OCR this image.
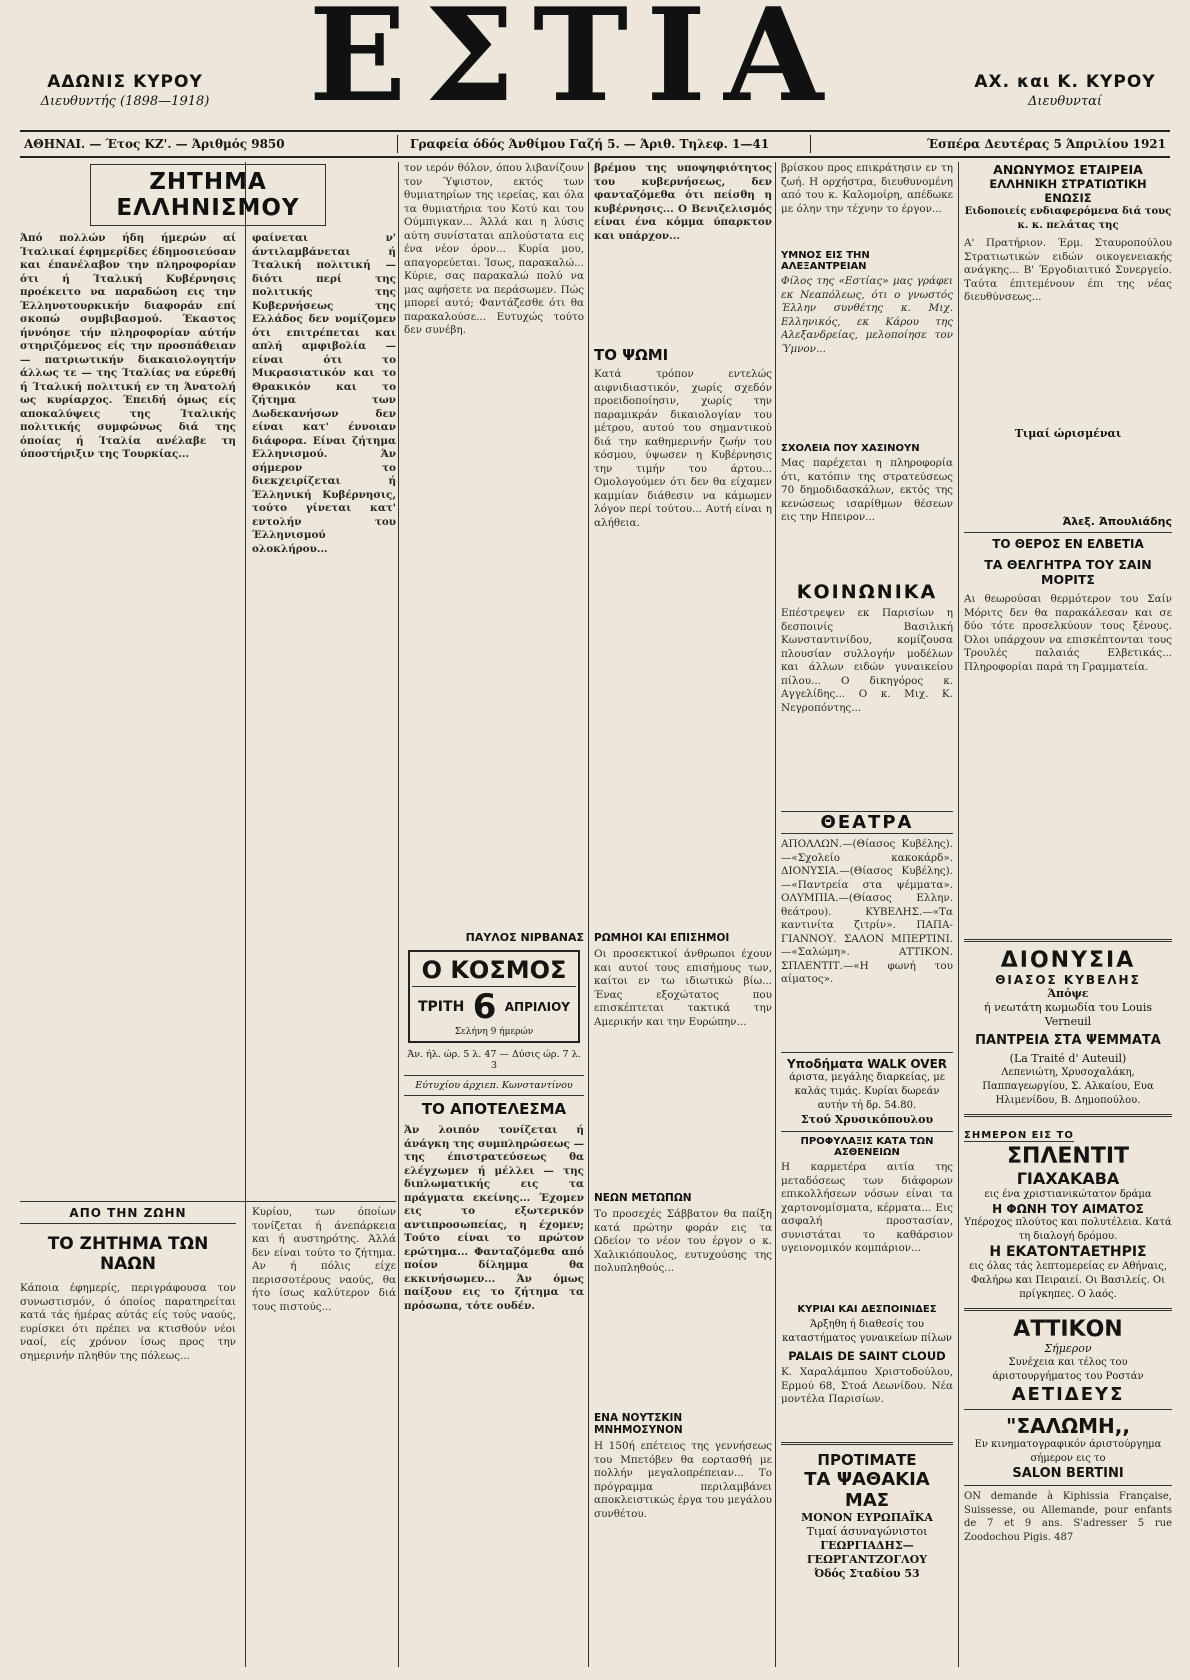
ΑΔΩΝΙΣ ΚΥΡΟΥ
Διευθυντής (1898—1918) ΕΣΤΙΑ	ΑΧ. και Κ. ΚΥΡΟΥ
Διευθυνταί
ΑΘΗΝΑΙ. — Έτος ΚΖ'. — Άριθμός 9850	Γραφεία όδός Άνθίμου Γαζή 5. — Άριθ. Τηλεφ. 1—41	Έσπέρα Δευτέρας 5 Άπριλίου 1921
ΖΗΤΗΜΑ ΕΛΛΗΝΙΣΜΟΥ
Άπό πολλών ήδη ήμερών αί Ίταλικαί έφημερίδες έδημοσιεύσαν και έπανέλαβον την πληροφορίαν ότι ή Ίταλική Κυβέρνησις προέκειτο να παραδώση εις την Έλληνοτουρκικήν διαφοράν επί σκοπώ συμβιβασμού. Έκαστος ήννόησε τήν πληροφορίαν αύτήν στηριζόμενος είς την προσπάθειαν — πατριωτικήν διακαιολογητήν άλλως τε — της Ίταλίας να εύρεθή ή Ίταλική πολιτική εν τη Άνατολή ως κυρίαρχος. Έπειδή όμως είς αποκαλύψεις της Ίταλικής πολιτικής συμφώνως διά της όποίας ή Ίταλία ανέλαβε τη ύποστήριξιν της Τουρκίας...
φαίνεται ν' άντιλαμβάνεται ή Ίταλική πολιτική — διότι περί της πολιτικής της Κυβερνήσεως της Ελλάδος δεν νομίζομεν ότι επιτρέπεται και απλή αμφιβολία — είναι ότι το Μικρασιατικόν και το Θρακικόν και το ζήτημα των Δωδεκανήσων δεν είναι κατ' έννοιαν διάφορα. Είναι ζήτημα Ελληνισμού. Άν σήμερον το διεκχειρίζεται ή Έλληνική Κυβέρνησις, τούτο γίνεται κατ' εντολήν του Έλληνισμού ολοκλήρου...
ΑΠΟ ΤΗΝ ΖΩΗΝ
ΤΟ ΖΗΤΗΜΑ ΤΩΝ ΝΑΩΝ
Κάποια έφημερίς, περιγράφουσα τον συνωστισμόν, ό όποίος παρατηρείται κατά τάς ήμέρας αύτάς είς τούς ναούς, ευρίσκει ότι πρέπει να κτισθούν νέοι ναοί, είς χρόνον ίσως προς την σημερινήν πληθύν της πόλεως...
Κυρίου, των όποίων τονίζεται ή άνεπάρκεια και ή αυστηρότης. Άλλά δεν είναι τούτο το ζήτημα. Αν ή πόλις είχε περισσοτέρους ναούς, θα ήτο ίσως καλύτερον διά τους πιστούς...
τον ιερόν θόλον, όπου λιβανίζουν τον Ύψιστον, εκτός των θυμιατηρίων της ιερείας, και όλα τα θυμιατήρια του Κοτύ και του Ούμπιγκαν... Άλλά και η λύσις αύτη συνίσταται απλούστατα εις ένα νέον όρον... Κυρία μου, απαγορεύεται. Ίσως, παρακαλώ... Κύριε, σας παρακαλώ πολύ να μας αφήσετε να περάσωμεν. Πώς μπορεί αυτό; Φαντάζεσθε ότι θα παρακαλούσε... Ευτυχώς τούτο δεν συνέβη.
ΠΑΥΛΟΣ ΝΙΡΒΑΝΑΣ
Ο ΚΟΣΜΟΣ
ΤΡΙΤΗ 6 ΑΠΡΙΛΙΟΥ
Σελήνη 9 ήμερών
Άν. ήλ. ώρ. 5 λ. 47 — Δύσις ώρ. 7 λ. 3
Εύτυχίου άρχιεπ. Κωνσταντίνου
ΤΟ ΑΠΟΤΕΛΕΣΜΑ
Άν λοιπόν τονίζεται ή άνάγκη της συμπληρώσεως — της έπιστρατεύσεως θα ελέγχωμεν ή μέλλει — της διπλωματικής εις τα πράγματα εκείνης... Έχομεν εις το εξωτερικόν αντιπροσωπείας, η έχομεν; Τούτο είναι το πρώτον ερώτημα... Φανταζόμεθα από ποίον δίλημμα θα εκκινήσωμεν... Άν όμως παίξουν εις το ζήτημα τα πρόσωπα, τότε ουδέν.
βρέμου της υποψηφιότητος του κυβερνήσεως, δεν φανταζόμεθα ότι πείσθη η κυβέρνησις... Ο Βενιζελισμός είναι ένα κόμμα ύπαρκτον και υπάρχον...
ΤΟ ΨΩΜΙ
Κατά τρόπον εντελώς αιφνιδιαστικόν, χωρίς σχεδόν προειδοποίησιν, χωρίς την παραμικράν δικαιολογίαν του μέτρου, αυτού του σημαντικού διά την καθημερινήν ζωήν του κόσμου, ύψωσεν η Κυβέρνησις την τιμήν του άρτου... Ομολογούμεν ότι δεν θα είχαμεν καμμίαν διάθεσιν να κάμωμεν λόγον περί τούτου... Αυτή είναι η αλήθεια.
ΡΩΜΗΟΙ ΚΑΙ ΕΠΙΣΗΜΟΙ
Οι προσεκτικοί άνθρωποι έχουν και αυτοί τους επισήμους των, καίτοι εν τω ιδιωτικώ βίω... Ένας εξοχώτατος που επισκέπτεται τακτικά την Αμερικήν και την Ευρώπην...
ΝΕΩΝ ΜΕΤΩΠΩΝ
Το προσεχές Σάββατον θα παίξη κατά πρώτην φοράν εις τα Ωδείον το νέον του έργον ο κ. Χαλικιόπουλος, ευτυχούσης της πολυπληθούς...
ΕΝΑ ΝΟΥΤΣΚΙΝ ΜΝΗΜΟΣΥΝΟΝ
Η 150ή επέτειος της γεννήσεως του Μπετόβεν θα εορτασθή με πολλήν μεγαλοπρέπειαν... Το πρόγραμμα περιλαμβάνει αποκλειστικώς έργα του μεγάλου συνθέτου.
βρίσκου προς επικράτησιν εν τη ζωή. Η ορχήστρα, διευθυνομένη από του κ. Καλομοίρη, απέδωκε με όλην την τέχνην το έργον...
ΥΜΝΟΣ ΕΙΣ ΤΗΝ ΑΛΕΞΑΝΤΡΕΙΑΝ
Φίλος της «Εστίας» μας γράφει εκ Νεαπόλεως, ότι ο γνωστός Έλλην συνθέτης κ. Μιχ. Ελληνικός, εκ Κάρου της Αλεξανδρείας, μελοποίησε τον Ύμνον...
ΣΧΟΛΕΙΑ ΠΟΥ ΧΑΣΙΝΟΥΝ
Μας παρέχεται η πληροφορία ότι, κατόπιν της στρατεύσεως 70 δημοδιδασκάλων, εκτός της κενώσεως ισαρίθμων θέσεων εις την Ηπειρον...
ΚΟΙΝΩΝΙΚΑ
Επέστρεψεν εκ Παρισίων η δεσποινίς Βασιλική Κωνσταντινίδου, κομίζουσα πλουσίαν συλλογήν μοδέλων και άλλων ειδών γυναικείου πίλου... Ο δικηγόρος κ. Αγγελίδης... Ο κ. Μιχ. Κ. Νεγροπόντης...
ΘΕΑΤΡΑ
ΑΠΟΛΛΩΝ.—(Θίασος Κυβέλης).—«Σχολείο κακοκάρδ». ΔΙΟΝΥΣΙΑ.—(Θίασος Κυβέλης).—«Παντρεία στα ψέμματα». ΟΛΥΜΠΙΑ.—(Θίασος Ελλην. θεάτρου). ΚΥΒΕΛΗΣ.—«Τα καντινίτα ζιτρίν». ΠΑΠΑ-ΓΙΑΝΝΟΥ. ΣΑΛΟΝ ΜΠΕΡΤΙΝΙ.—«Σαλώμη». ΑΤΤΙΚΟΝ. ΣΠΛΕΝΤΙΤ.—«Η φωνή του αίματος».
Υποδήματα WALK OVER
άριστα, μεγάλης διαρκείας, με καλάς τιμάς. Κυρίαι δωρεάν αυτήν τή δρ. 54.80.
Στού Χρυσικόπουλου
ΠΡΟΦΥΛΑΞΙΣ ΚΑΤΑ ΤΩΝ ΑΣΘΕΝΕΙΩΝ
Η καρμετέρα αιτία της μεταδόσεως των διάφορων επικολλήσεων νόσων είναι τα χαρτονομίσματα, κέρματα... Εις ασφαλή προστασίαν, συνιστάται το καθάρσιον υγειονομικόν κομπάριον...
ΚΥΡΙΑΙ ΚΑΙ ΔΕΣΠΟΙΝΙΔΕΣ
Άρξηθη ή διαθεσίς του καταστήματος γυναικείων πίλων
PALAIS DE SAINT CLOUD
Κ. Χαραλάμπου Χριστοδούλου, Ερμού 68, Στοά Λεωνίδου. Νέα μοντέλα Παρισίων.
ΠΡΟΤΙΜΑΤΕ
ΤΑ ΨΑΘΑΚΙΑ ΜΑΣ
ΜΟΝΟΝ ΕΥΡΩΠΑΪΚΑ
Τιμαί άσυναγώνιστοι
ΓΕΩΡΓΙΑΔΗΣ—ΓΕΩΡΓΑΝΤΖΟΓΛΟΥ
Όδός Σταδίου 53
ΑΝΩΝΥΜΟΣ ΕΤΑΙΡΕΙΑ
ΕΛΛΗΝΙΚΗ ΣΤΡΑΤΙΩΤΙΚΗ ΕΝΩΣΙΣ
Ειδοποιείς ενδιαφερόμενα διά τους κ. κ. πελάτας της
Α' Πρατήριον. Έρμ. Σταυροπούλου Στρατιωτικών ειδών οικογενειακής ανάγκης... Β' Έργοδιαιτικό Συνεργείο. Ταύτα έπιτεμένουν έπι της νέας διευθύνσεως...
Τιμαί ώρισμέναι
Άλεξ. Άπουλιάδης
ΤΟ ΘΕΡΟΣ ΕΝ ΕΛΒΕΤΙΑ
ΤΑ ΘΕΛΓΗΤΡΑ ΤΟΥ ΣΑΙΝ ΜΟΡΙΤΣ
Αι θεωρούσαι θερμότερον του Σαίν Μόριτς δεν θα παρακάλεσαν και σε δύο τότε προσελκύουν τους ξένους. Όλοι υπάρχουν να επισκέπτονται τους Τρουλές παλαιάς Ελβετικάς... Πληροφορίαι παρά τη Γραμματεία.
ΔΙΟΝΥΣΙΑ
ΘΙΑΣΟΣ ΚΥΒΕΛΗΣ
Άπόψε
ή νεωτάτη κωμωδία του Louis Verneuil
ΠΑΝΤΡΕΙΑ ΣΤΑ ΨΕΜΜΑΤΑ
(La Traité d' Auteuil)
Λεπενιώτη, Χρυσοχαλάκη, Παππαγεωργίου, Σ. Αλκαίου, Ευα Ηλιμενίδου, Β. Δημοπούλου.
ΣΗΜΕΡΟΝ ΕΙΣ ΤΟ
ΣΠΛΕΝΤΙΤ
ΓΙΑΧΑΚΑΒΑ
εις ένα χριστιανικώτατον δράμα
Η ΦΩΝΗ ΤΟΥ ΑΙΜΑΤΟΣ
Υπέροχος πλούτος και πολυτέλεια. Κατά τη διαλογή δρόμου.
Η ΕΚΑΤΟΝΤΑΕΤΗΡΙΣ
εις όλας τάς λεπτομερείας εν Αθήναις, Φαλήρω και Πειραιεί. Οι Βασιλείς. Οι πρίγκηπες. Ο λαός.
ΑΤΤΙΚΟΝ
Σήμερον
Συνέχεια και τέλος του άριστουργήματος του Ροστάν
ΑΕΤΙΔΕΥΣ
"ΣΑΛΩΜΗ,,
Εν κινηματογραφικόν άριστούργημα σήμερον εις το
SALON BERTINI
ON demande à Kiphissia Française, Suissesse, ou Allemande, pour enfants de 7 et 9 ans. S'adresser 5 rue Zoodochou Pigis. 487
